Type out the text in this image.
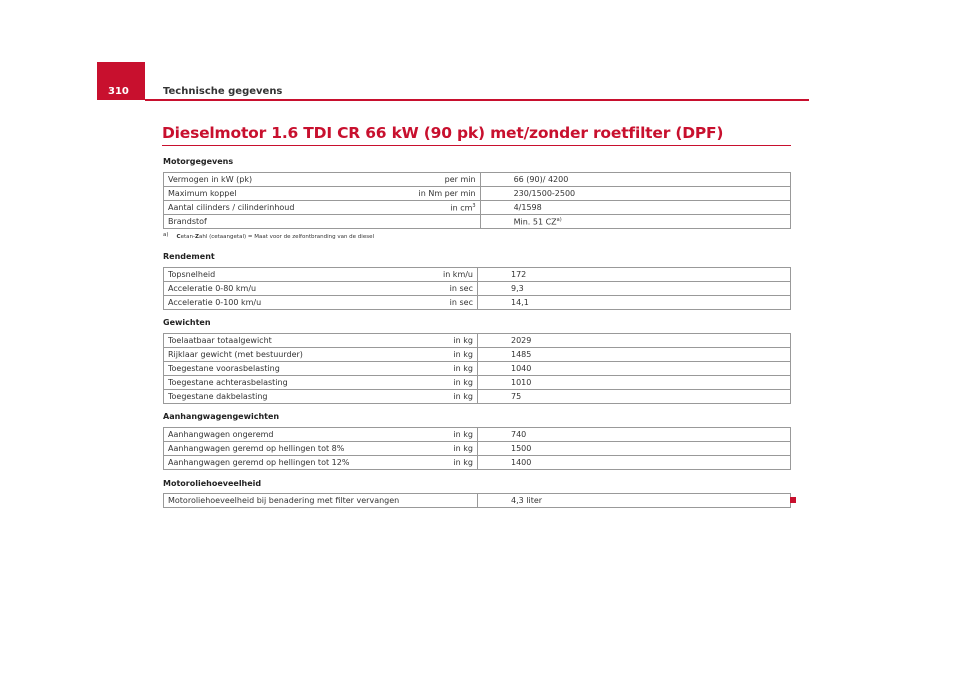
310	Technische gegevens
Dieselmotor 1.6 TDI CR 66 kW (90 pk) met/zonder roetfilter (DPF)
Motorgegevens
Vermogen in kW (pk)	per min	66 (90)/ 4200
Maximum koppel	in Nm per min	230/1500-2500
Aantal cilinders / cilinderinhoud	in $cm^3$	4/1598
Brandstof		Min. 51 CZ$^{a)}$
a) Cetan-Zahl (cetaangetal) = Maat voor de zelfontbranding van de diesel
Rendement
Topsnelheid	in km/u	172
Acceleratie 0-80 km/u	in sec	9,3
Acceleratie 0-100 km/u	in sec	14,1
Gewichten
Toelaatbaar totaalgewicht	in kg	2029
Rijklaar gewicht (met bestuurder)	in kg	1485
Toegestane voorasbelasting	in kg	1040
Toegestane achterasbelasting	in kg	1010
Toegestane dakbelasting	in kg	75
Aanhangwagengewichten
Aanhangwagen ongeremd	in kg	740
Aanhangwagen geremd op hellingen tot 8%	in kg	1500
Aanhangwagen geremd op hellingen tot 12%	in kg	1400
Motoroliehoeveelheid
Motoroliehoeveelheid bij benadering met filter vervangen		4,3 liter
